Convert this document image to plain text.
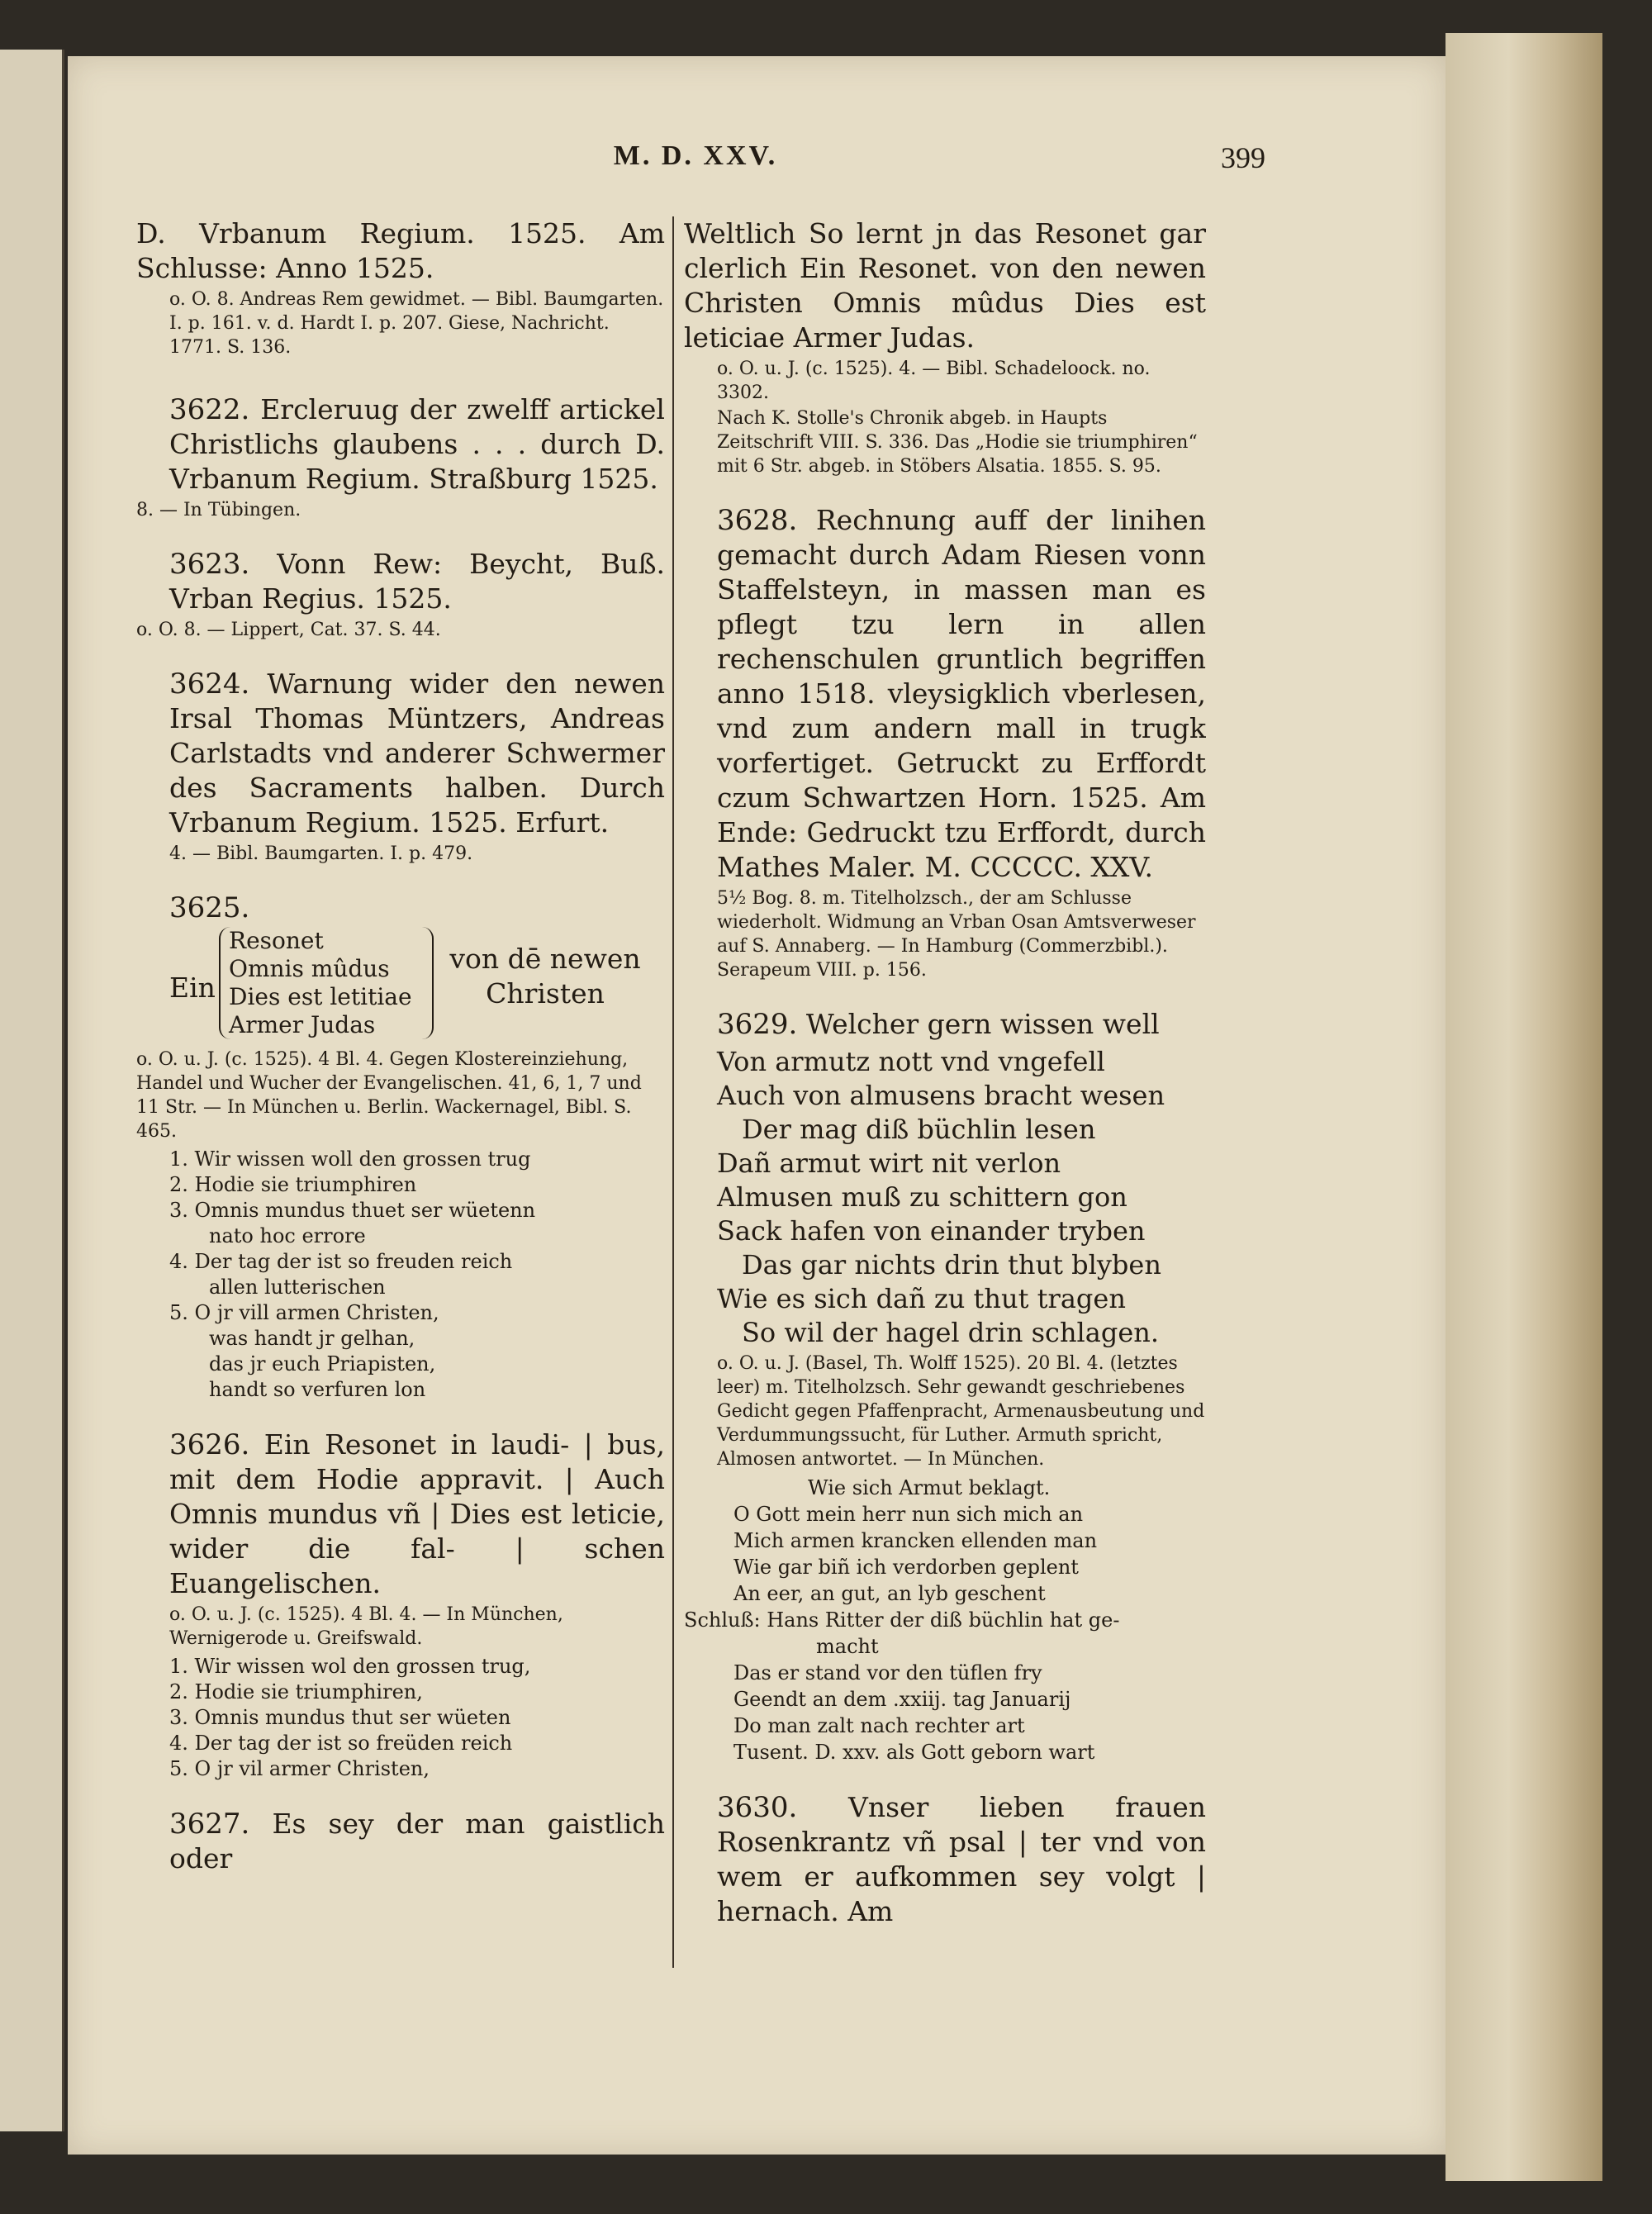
M. D. XXV.	399

D. Vrbanum Regium. 1525. Am Schlusse: Anno 1525.

o. O. 8. Andreas Rem gewidmet. — Bibl. Baumgarten. I. p. 161. v. d. Hardt I. p. 207. Giese, Nachricht. 1771. S. 136.

3622. Ercleruug der zwelff artickel Christlichs glaubens . . . durch D. Vrbanum Regium. Straßburg 1525.

8. — In Tübingen.

3623. Vonn Rew: Beycht, Buß. Vrban Regius. 1525.

o. O. 8. — Lippert, Cat. 37. S. 44.

3624. Warnung wider den newen Irsal Thomas Müntzers, Andreas Carlstadts vnd anderer Schwermer des Sacraments halben. Durch Vrbanum Regium. 1525. Erfurt.

4. — Bibl. Baumgarten. I. p. 479.

3625.

Ein
Resonet
Omnis mûdus
Dies est letitiae
Armer Judas
von dē newen Christen

o. O. u. J. (c. 1525). 4 Bl. 4. Gegen Klostereinziehung, Handel und Wucher der Evangelischen. 41, 6, 1, 7 und 11 Str. — In München u. Berlin. Wackernagel, Bibl. S. 465.

1. Wir wissen woll den grossen trug
2. Hodie sie triumphiren
3. Omnis mundus thuet ser wüetenn
nato hoc errore
4. Der tag der ist so freuden reich
allen lutterischen
5. O jr vill armen Christen,
was handt jr gelhan,
das jr euch Priapisten,
handt so verfuren lon

3626. Ein Resonet in laudi- | bus, mit dem Hodie appravit. | Auch Omnis mundus vñ | Dies est leticie, wider die fal- | schen Euangelischen.

o. O. u. J. (c. 1525). 4 Bl. 4. — In München, Wernigerode u. Greifswald.

1. Wir wissen wol den grossen trug,
2. Hodie sie triumphiren,
3. Omnis mundus thut ser wüeten
4. Der tag der ist so freüden reich
5. O jr vil armer Christen,

3627. Es sey der man gaistlich oder

Weltlich So lernt jn das Resonet gar clerlich Ein Resonet. von den newen Christen Omnis mûdus Dies est leticiae Armer Judas.

o. O. u. J. (c. 1525). 4. — Bibl. Schadeloock. no. 3302.

Nach K. Stolle's Chronik abgeb. in Haupts Zeitschrift VIII. S. 336. Das „Hodie sie triumphiren“ mit 6 Str. abgeb. in Stöbers Alsatia. 1855. S. 95.

3628. Rechnung auff der linihen gemacht durch Adam Riesen vonn Staffelsteyn, in massen man es pflegt tzu lern in allen rechenschulen gruntlich begriffen anno 1518. vleysigklich vberlesen, vnd zum andern mall in trugk vorfertiget. Getruckt zu Erffordt czum Schwartzen Horn. 1525. Am Ende: Gedruckt tzu Erffordt, durch Mathes Maler. M. CCCCC. XXV.

5½ Bog. 8. m. Titelholzsch., der am Schlusse wiederholt. Widmung an Vrban Osan Amtsverweser auf S. Annaberg. — In Hamburg (Commerzbibl.). Serapeum VIII. p. 156.

3629. Welcher gern wissen well

Von armutz nott vnd vngefell
Auch von almusens bracht wesen
Der mag diß büchlin lesen
Dañ armut wirt nit verlon
Almusen muß zu schittern gon
Sack hafen von einander tryben
Das gar nichts drin thut blyben
Wie es sich dañ zu thut tragen
So wil der hagel drin schlagen.

o. O. u. J. (Basel, Th. Wolff 1525). 20 Bl. 4. (letztes leer) m. Titelholzsch. Sehr gewandt geschriebenes Gedicht gegen Pfaffenpracht, Armenausbeutung und Verdummungssucht, für Luther. Armuth spricht, Almosen antwortet. — In München.

Wie sich Armut beklagt.
O Gott mein herr nun sich mich an
Mich armen krancken ellenden man
Wie gar biñ ich verdorben geplent
An eer, an gut, an lyb geschent
Schluß: Hans Ritter der diß büchlin hat ge-
macht
Das er stand vor den tüflen fry
Geendt an dem .xxiij. tag Januarij
Do man zalt nach rechter art
Tusent. D. xxv. als Gott geborn wart

3630. Vnser lieben frauen Rosenkrantz vñ psal | ter vnd von wem er aufkommen sey volgt | hernach. Am
